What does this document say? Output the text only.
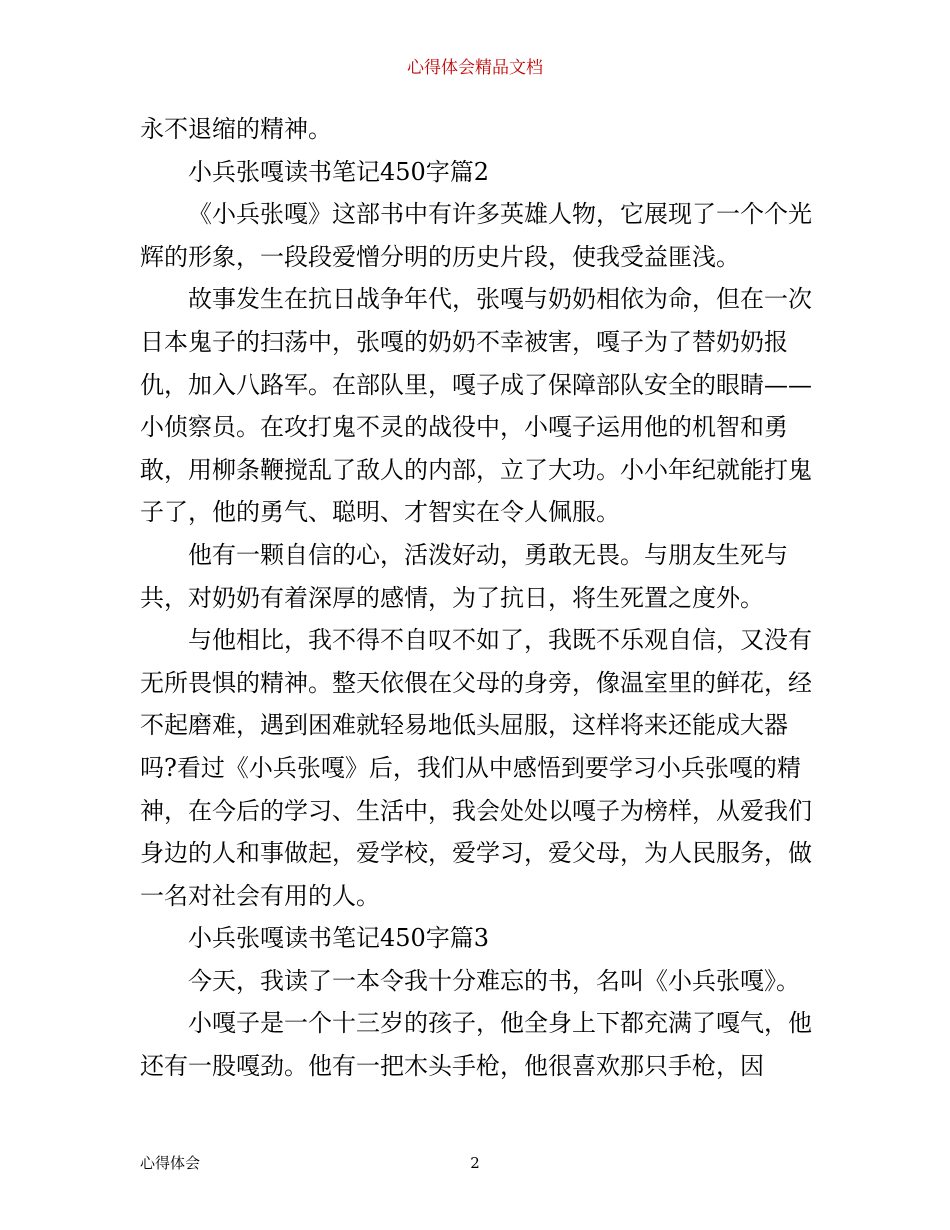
心得体会精品文档

永不退缩的精神。

小兵张嘎读书笔记450字篇2

《小兵张嘎》这部书中有许多英雄人物，它展现了一个个光辉的形象，一段段爱憎分明的历史片段，使我受益匪浅。

故事发生在抗日战争年代，张嘎与奶奶相依为命，但在一次日本鬼子的扫荡中，张嘎的奶奶不幸被害，嘎子为了替奶奶报仇，加入八路军。在部队里，嘎子成了保障部队安全的眼睛——小侦察员。在攻打鬼不灵的战役中，小嘎子运用他的机智和勇敢，用柳条鞭搅乱了敌人的内部，立了大功。小小年纪就能打鬼子了，他的勇气、聪明、才智实在令人佩服。

他有一颗自信的心，活泼好动，勇敢无畏。与朋友生死与共，对奶奶有着深厚的感情，为了抗日，将生死置之度外。

与他相比，我不得不自叹不如了，我既不乐观自信，又没有无所畏惧的精神。整天依偎在父母的身旁，像温室里的鲜花，经不起磨难，遇到困难就轻易地低头屈服，这样将来还能成大器吗?看过《小兵张嘎》后，我们从中感悟到要学习小兵张嘎的精神，在今后的学习、生活中，我会处处以嘎子为榜样，从爱我们身边的人和事做起，爱学校，爱学习，爱父母，为人民服务，做一名对社会有用的人。

小兵张嘎读书笔记450字篇3

今天，我读了一本令我十分难忘的书，名叫《小兵张嘎》。

小嘎子是一个十三岁的孩子，他全身上下都充满了嘎气，他还有一股嘎劲。他有一把木头手枪，他很喜欢那只手枪，因

心得体会	2
